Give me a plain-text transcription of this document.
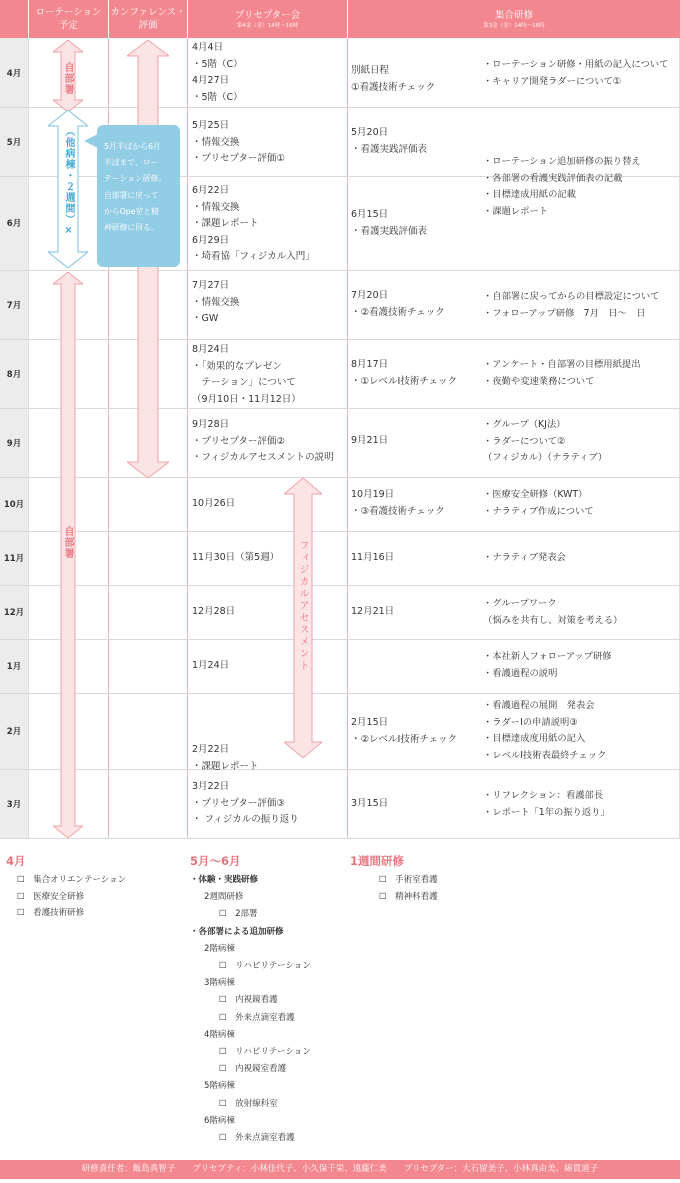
ローテーション
予定
カンファレンス・
評価
プリセプター会
第4金（金）14時～16時
集合研修
第3金（金）14時～16時
4月
5月
6月
7月
8月
9月
10月
11月
12月
1月
2月
3月
4月4日
・5階（C）
4月27日
・5階（C）
5月25日
・情報交換
・プリセプター評価①
6月22日
・情報交換
・課題レポート
6月29日
・埼看協「フィジカル入門」
7月27日
・情報交換
・GW
8月24日
・「効果的なプレゼン
　テーション」について
（9月10日・11月12日）
9月28日
・プリセプター評価②
・フィジカルアセスメントの説明
10月26日
11月30日（第5週）
12月28日
1月24日
2月22日
・課題レポート
3月22日
・プリセプター評価③
・ フィジカルの振り返り
別紙日程
①看護技術チェック
5月20日
・看護実践評価表
6月15日
・看護実践評価表
7月20日
・②看護技術チェック
8月17日
・①レベルⅠ技術チェック
9月21日
10月19日
・③看護技術チェック
11月16日
12月21日
2月15日
・②レベルⅠ技術チェック
3月15日
・ローテーション研修・用紙の記入について
・キャリア開発ラダーについて①
・ローテーション追加研修の振り替え
・各部署の看護実践評価表の記載
・目標達成用紙の記載
・課題レポート
・自部署に戻ってからの目標設定について
・フォローアップ研修　7月　日～　日
・アンケート・自部署の目標用紙提出
・夜勤や変速業務について
・グループ（KJ法）
・ラダーについて②
（フィジカル）（ナラティブ）
・医療安全研修（KWT）
・ナラティブ作成について
・ナラティブ発表会
・グループワーク
（悩みを共有し、対策を考える）
・本社新人フォローアップ研修
・看護過程の説明
・看護過程の展開　発表会
・ラダーⅠの申請説明③
・目標達成度用紙の記入
・レベルⅠ技術表最終チェック
・リフレクション：看護部長
・レポート「1年の振り返り」
自部署
（他病棟・２週間）×
自部署
5月半ばから6月
半ばまで、ロー
テーション研修。
自部署に戻って
からOpe室と精
神研修に回る。
フィジカルアセスメント
4月
☐　集合オリエンテーション
☐　医療安全研修
☐　看護技術研修
5月～6月
・体験・実践研修
2週間研修
☐　2部署
・各部署による追加研修
2階病棟
☐　リハビリテーション
3階病棟
☐　内視鏡看護
☐　外来点滴室看護
4階病棟
☐　リハビリテーション
☐　内視鏡室看護
5階病棟
☐　放射線科室
6階病棟
☐　外来点滴室看護
1週間研修
☐　手術室看護
☐　精神科看護
研修責任者：飯島真智子　　プリセプティ：小林佳代子、小久保千栄、遠藤仁美　　プリセプター：大石留美子、小林真由美、綿貫道子
